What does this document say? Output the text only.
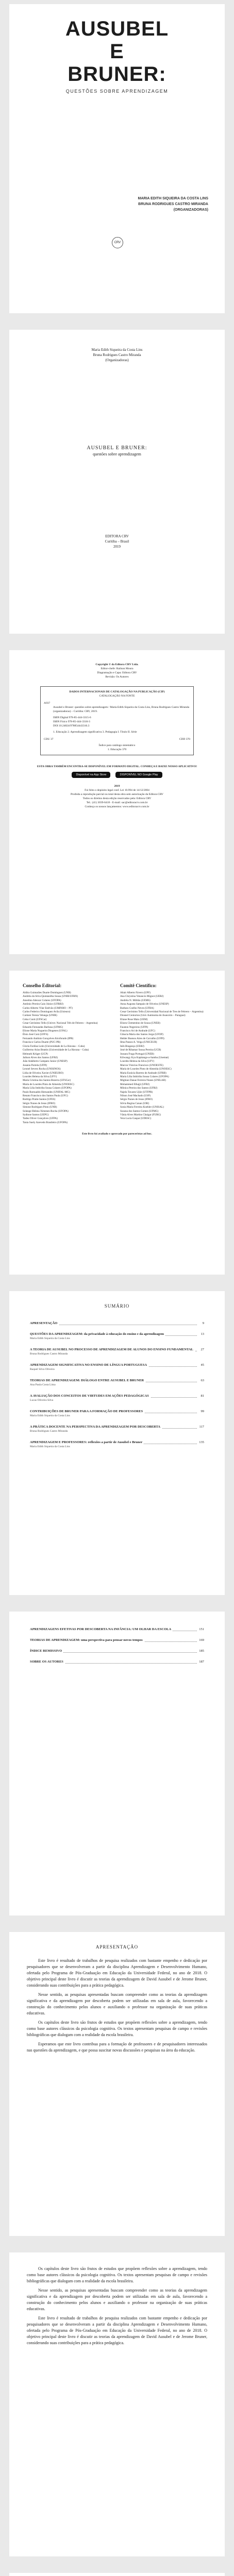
AUSUBEL
E
BRUNER:
QUESTÕES SOBRE APRENDIZAGEM
MARIA EDITH SIQUEIRA DA COSTA LINS
BRUNA RODRIGUES CASTRO MIRANDA
(ORGANIZADORAS)
CRV
Maria Edith Siqueira da Costa Lins
Bruna Rodrigues Castro Miranda
(Organizadoras)
AUSUBEL E BRUNER:
questões sobre aprendizagem
EDITORA CRV
Curitiba – Brasil
2019
Copyright © da Editora CRV Ltda.
Editor-chefe: Railson Moura
Diagramação e Capa: Editora CRV
Revisão: Os Autores
DADOS INTERNACIONAIS DE CATALOGAÇÃO NA PUBLICAÇÃO (CIP)
CATALOGAÇÃO NA FONTE
A937
Ausubel e Bruner: questões sobre aprendizagem / Maria Edith Siqueira da Costa Lins, Bruna Rodrigues Castro Miranda (organizadoras) – Curitiba: CRV, 2019.
ISBN Digital 978-85-444-3315-6
ISBN Físico 978-85-444-3316-3
DOI 10.24824/978854443316.3
1. Educação 2. Aprendizagem significativa 3. Pedagogia I. Título II. Série
CDU 37	CDD 370
Índice para catálogo sistemático
1. Educação 370
ESTA OBRA TAMBÉM ENCONTRA-SE DISPONÍVEL EM FORMATO DIGITAL. CONHEÇA E BAIXE NOSSO APLICATIVO!
Disponível na App Store	DISPONÍVEL NO Google Play
2019
Foi feito o depósito legal conf. Lei 10.994 de 14/12/2004
Proibida a reprodução parcial ou total desta obra sem autorização da Editora CRV
Todos os direitos desta edição reservados pela: Editora CRV
Tel.: (41) 3039-6418 - E-mail: sac@editoracrv.com.br
Conheça os nossos lançamentos: www.editoracrv.com.br
Conselho Editorial:
Aldira Guimarães Duarte Domínguez (UNB)
Andréia da Silva Quintanilha Sousa (UNIR/UFRN)
Anselmo Alencar Colares (UFOPA)
Antônio Pereira Gaio Júnior (UFRRJ)
Carlos Alberto Vilar Estêvão (UMINHO – PT)
Carlos Federico Dominguez Avila (Unieuro)
Carmen Tereza Velanga (UNIR)
Celso Conti (UFSCar)
Cesar Gerónimo Tello (Univer. Nacional Três de Febrero – Argentina)
Eduardo Fernandes Barbosa (UFMG)
Elione Maria Nogueira Diogenes (UFAL)
Élsio José Corá (UFFS)
Fernando Antônio Gonçalves Alcoforado (IPB)
Francisco Carlos Duarte (PUC-PR)
Gloria Fariñas León (Universidade de La Havana – Cuba)
Guillermo Arias Beatón (Universidade de La Havana – Cuba)
Helmuth Krüger (UCP)
Jailson Alves dos Santos (UFRJ)
João Adalberto Campato Junior (UNESP)
Josania Portela (UFPI)
Leonel Severo Rocha (UNISINOS)
Lídia de Oliveira Xavier (UNIEURO)
Lourdes Helena da Silva (UFV)
Maria Cristina dos Santos Bezerra (UFSCar)
Maria de Lourdes Pinto de Almeida (UNOESC)
Maria Lília Imbiriba Sousa Colares (UFOPA)
Paulo Romualdo Hernandes (UNIFAL-MG)
Renato Francisco dos Santos Paula (UFG)
Rodrigo Pratte-Santos (UFES)
Sérgio Nunes de Jesus (IFRO)
Simone Rodrigues Pinto (UNB)
Solange Helena Ximenes-Rocha (UFOPA)
Sydione Santos (UEPG)
Tadeu Oliver Gonçalves (UFPA)
Tania Suely Azevedo Brasileiro (UFOPA)
Comitê Científico:
Altair Alberto Fávero (UPF)
Ana Chrystina Venancio Mignot (UERJ)
Andréia N. Militão (UEMS)
Anna Augusta Sampaio de Oliveira (UNESP)
Barbara Coelho Neves (UFBA)
Cesar Gerónimo Tello (Universidad Nacional de Tres de Febrero – Argentina)
Diosnel Centurion (Univ Autónoma de Asunción – Paraguai)
Eliane Rose Maio (UEM)
Elizeu Clementino de Souza (UNEB)
Fauston Negreiros (UFPI)
Francisco Ari de Andrade (UFC)
Gláucia Maria dos Santos Jorge (UFOP)
Helder Buenos Aires de Carvalho (UFPI)
Ilma Passos A. Veiga (UNICEUB)
Inês Bragança (UERJ)
José de Ribamar Sousa Pereira (UCB)
Jussara Fraga Portugal (UNEB)
Kilwangy Kya Kapitango-a-Samba (Unemat)
Lourdes Helena da Silva (UFV)
Marcos Vinicius Francisco (UNOESTE)
Maria de Lourdes Pinto de Almeida (UNOESC)
Maria Eurácia Barreto de Andrade (UFRB)
Maria Lília Imbiriba Sousa Colares (UFOPA)
Míghian Danae Ferreira Nunes (UNILAB)
Mohammed Elhajji (UFRJ)
Mônica Pereira dos Santos (UFRJ)
Najela Tavares Ujiie (UTFPR)
Nilson José Machado (USP)
Sérgio Nunes de Jesus (IFRO)
Silvia Regina Canan (URI)
Sonia Maria Ferreira Koehler (UNISAL)
Suzana dos Santos Gomes (UFMG)
Vânia Alves Martins Chaigar (FURG)
Vera Lucia Gaspar (UDESC)
Este livro foi avaliado e aprovado por pareceristas ad hoc.
SUMÁRIO
APRESENTAÇÃO	9
QUESTÕES DA APRENDIZAGEM: da privacidade à educação do ensino e da aprendizagem	13
Maria Edith Siqueira da Costa Lins
A TEORIA DE AUSUBEL NO PROCESSO DE APRENDIZAGEM DE ALUNOS DO ENSINO FUNDAMENTAL 27
Bruna Rodrigues Castro Miranda
APRENDIZAGEM SIGNIFICATIVA NO ENSINO DE LÍNGUA PORTUGUESA	45
Raquel Silva Oliveira
TEORIAS DE APRENDIZAGEM: DIÁLOGO ENTRE AUSUBEL E BRUNER	63
Ana Paula Costa Lima
A AVALIAÇÃO DOS CONCEITOS DE VIRTUDES EM AÇÕES PEDAGÓGICAS	81
Lucas Oliveira Silva
CONTRIBUIÇÕES DE BRUNER PARA A FORMAÇÃO DE PROFESSORES	99
Maria Edith Siqueira da Costa Lins
A PRÁTICA DOCENTE NA PERSPECTIVA DA APRENDIZAGEM POR DESCOBERTA	117
Bruna Rodrigues Castro Miranda
APRENDIZAGEM E PROFESSORES: reflexões a partir de Ausubel e Bruner	135
Maria Edith Siqueira da Costa Lins
APRENDIZAGENS EFETIVAS POR DESCOBERTA NA INFÂNCIA: UM OLHAR DA ESCOLA	151
TEORIAS DE APRENDIZAGEM: uma perspectiva para pensar novos tempos	169
ÍNDICE REMISSIVO	185
SOBRE OS AUTORES	187
APRESENTAÇÃO

Este livro é resultado de trabalhos de pesquisa realizados com bastante empenho e dedicação por pesquisadores que se desenvolveram a partir da disciplina Aprendizagem e Desenvolvimento Humano, ofertada pelo Programa de Pós-Graduação em Educação da Universidade Federal, no ano de 2018. O objetivo principal deste livro é discutir as teorias da aprendizagem de David Ausubel e de Jerome Bruner, considerando suas contribuições para a prática pedagógica.

Nesse sentido, as pesquisas apresentadas buscam compreender como as teorias da aprendizagem significativa e da aprendizagem por descoberta podem ser utilizadas em sala de aula, favorecendo a construção do conhecimento pelos alunos e auxiliando o professor na organização de suas práticas educativas.

Os capítulos deste livro são frutos de estudos que propõem reflexões sobre a aprendizagem, tendo como base autores clássicos da psicologia cognitiva. Os textos apresentam pesquisas de campo e revisões bibliográficas que dialogam com a realidade da escola brasileira.

Esperamos que este livro contribua para a formação de professores e de pesquisadores interessados nas questões da aprendizagem, e que possa suscitar novas discussões e pesquisas na área da educação.

Os capítulos deste livro são frutos de estudos que propõem reflexões sobre a aprendizagem, tendo como base autores clássicos da psicologia cognitiva. Os textos apresentam pesquisas de campo e revisões bibliográficas que dialogam com a realidade da escola brasileira.

Nesse sentido, as pesquisas apresentadas buscam compreender como as teorias da aprendizagem significativa e da aprendizagem por descoberta podem ser utilizadas em sala de aula, favorecendo a construção do conhecimento pelos alunos e auxiliando o professor na organização de suas práticas educativas.

Este livro é resultado de trabalhos de pesquisa realizados com bastante empenho e dedicação por pesquisadores que se desenvolveram a partir da disciplina Aprendizagem e Desenvolvimento Humano, ofertada pelo Programa de Pós-Graduação em Educação da Universidade Federal, no ano de 2018. O objetivo principal deste livro é discutir as teorias da aprendizagem de David Ausubel e de Jerome Bruner, considerando suas contribuições para a prática pedagógica.
